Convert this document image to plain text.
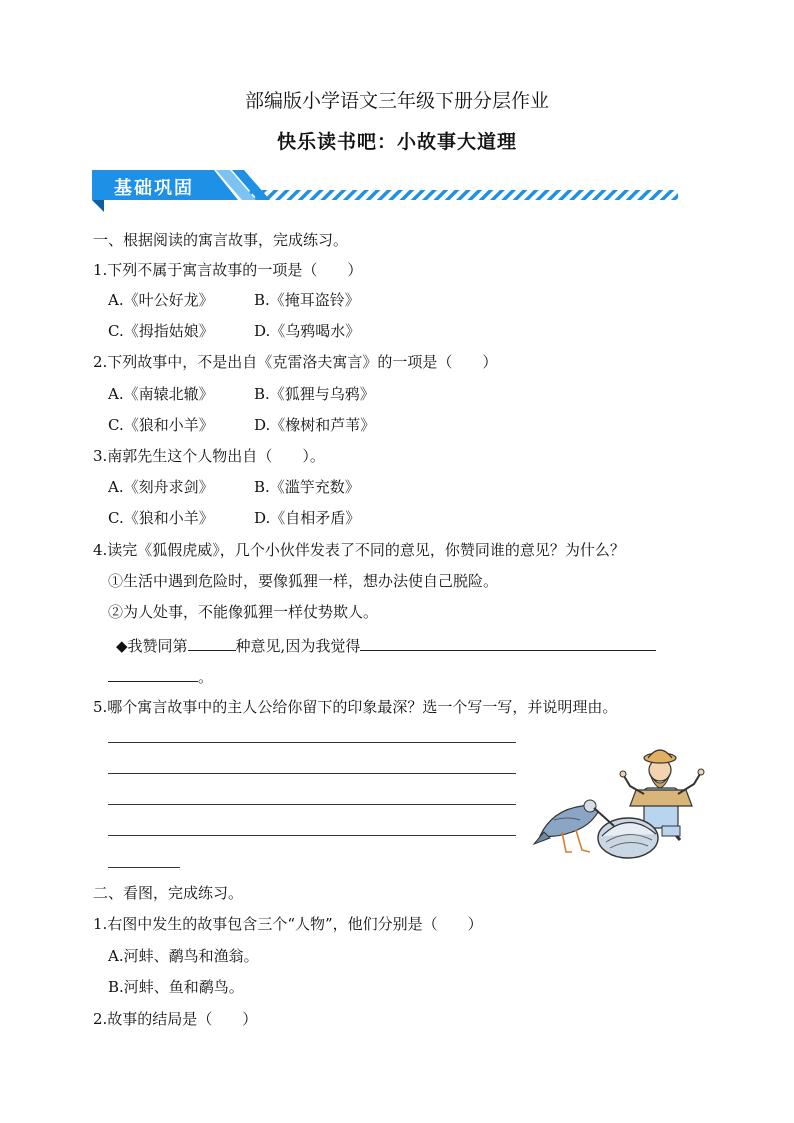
部编版小学语文三年级下册分层作业
快乐读书吧：小故事大道理
基础巩固
一、根据阅读的寓言故事，完成练习。
1.下列不属于寓言故事的一项是（　　）
A.《叶公好龙》	B.《掩耳盗铃》
C.《拇指姑娘》	D.《乌鸦喝水》
2.下列故事中，不是出自《克雷洛夫寓言》的一项是（　　）
A.《南辕北辙》	B.《狐狸与乌鸦》
C.《狼和小羊》	D.《橡树和芦苇》
3.南郭先生这个人物出自（　　）。
A.《刻舟求剑》	B.《滥竽充数》
C.《狼和小羊》	D.《自相矛盾》
4.读完《狐假虎威》，几个小伙伴发表了不同的意见，你赞同谁的意见？为什么？
①生活中遇到危险时，要像狐狸一样，想办法使自己脱险。
②为人处事，不能像狐狸一样仗势欺人。
◆我赞同第	种意见,因为我觉得
。
5.哪个寓言故事中的主人公给你留下的印象最深？选一个写一写，并说明理由。
二、看图，完成练习。
1.右图中发生的故事包含三个“人物”，他们分别是（　　）
A.河蚌、鹬鸟和渔翁。
B.河蚌、鱼和鹬鸟。
2.故事的结局是（　　）
